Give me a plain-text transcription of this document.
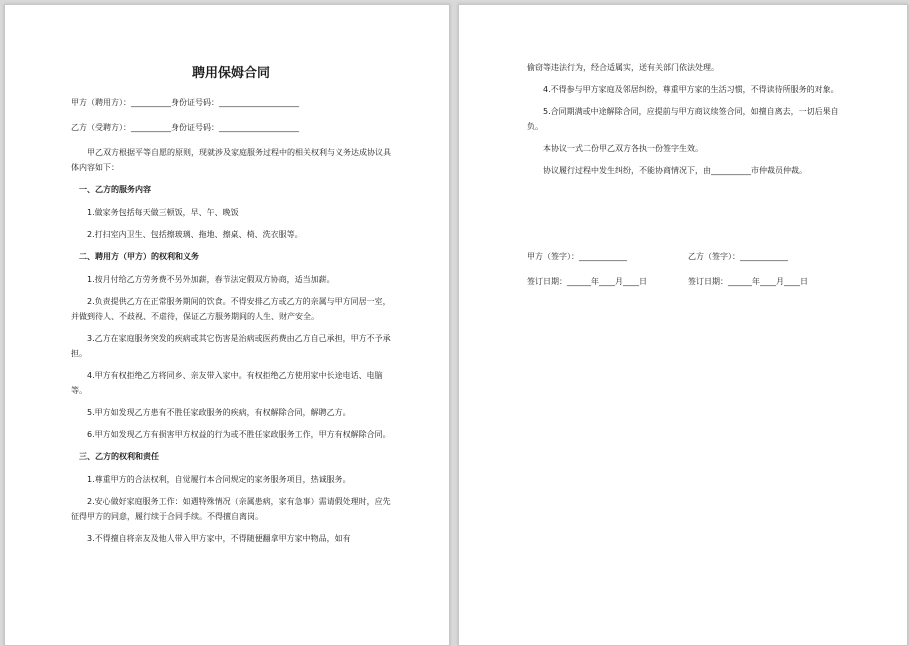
聘用保姆合同

甲方（聘用方）：__________身份证号码：____________________

乙方（受聘方）：__________身份证号码：____________________

甲乙双方根据平等自愿的原则，现就涉及家庭服务过程中的相关权利与义务达成协议具体内容如下：

一、乙方的服务内容

1.做家务包括每天做三顿饭，早、午、晚饭

2.打扫室内卫生、包括擦玻璃、拖地、擦桌、椅、洗衣服等。

二、聘用方（甲方）的权利和义务

1.按月付给乙方劳务费不另外加薪，春节法定假双方协商，适当加薪。

2.负责提供乙方在正常服务期间的饮食。不得安排乙方或乙方的亲属与甲方同居一室，并做到待人、不歧视、不虐待，保证乙方服务期间的人生、财产安全。

3.乙方在家庭服务突发的疾病或其它伤害是治病或医药费由乙方自己承担，甲方不予承担。

4.甲方有权拒绝乙方将同乡、亲友带入家中。有权拒绝乙方使用家中长途电话、电脑等。

5.甲方如发现乙方患有不胜任家政服务的疾病，有权解除合同，解聘乙方。

6.甲方如发现乙方有损害甲方权益的行为或不胜任家政服务工作，甲方有权解除合同。

三、乙方的权利和责任

1.尊重甲方的合法权利，自觉履行本合同规定的家务服务项目，热诚服务。

2.安心做好家庭服务工作：如遇特殊情况（亲属患病，家有急事）需请假处理时，应先征得甲方的同意，履行续于合同手续。不得擅自离岗。

3.不得擅自将亲友及他人带入甲方家中，不得随便翻拿甲方家中物品，如有

偷窃等违法行为，经合适属实，送有关部门依法处理。

4.不得参与甲方家庭及邻居纠纷，尊重甲方家的生活习惯，不得读待所服务的对象。

5.合同期满或中途解除合同，应提前与甲方商议续签合同，如擅自离去，一切后果自负。

本协议一式二份甲乙双方各执一份签字生效。

协议履行过程中发生纠纷，不能协商情况下，由__________市仲裁员仲裁。

甲方（签字）：____________	乙方（签字）：____________
签订日期：______年____月____日	签订日期：______年____月____日
